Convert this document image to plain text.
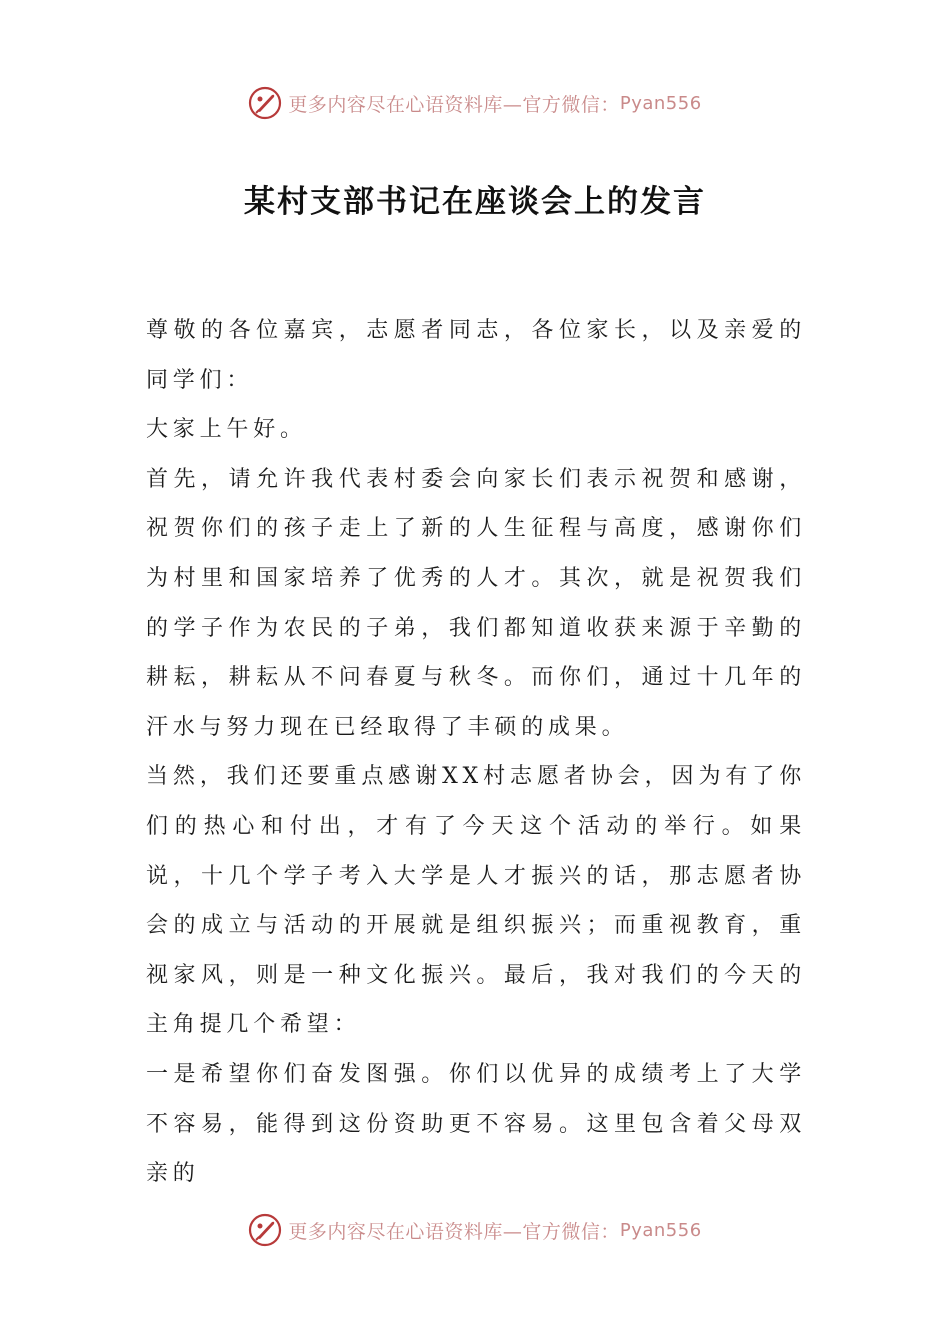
更多内容尽在心语资料库—官方微信： Pyan556
某村支部书记在座谈会上的发言

尊敬的各位嘉宾，志愿者同志，各位家长，以及亲爱的同学们：

大家上午好。

首先，请允许我代表村委会向家长们表示祝贺和感谢，祝贺你们的孩子走上了新的人生征程与高度，感谢你们为村里和国家培养了优秀的人才。其次，就是祝贺我们的学子作为农民的子弟，我们都知道收获来源于辛勤的耕耘，耕耘从不问春夏与秋冬。而你们，通过十几年的汗水与努力现在已经取得了丰硕的成果。

当然，我们还要重点感谢XX村志愿者协会，因为有了你们的热心和付出，才有了今天这个活动的举行。如果说，十几个学子考入大学是人才振兴的话，那志愿者协会的成立与活动的开展就是组织振兴；而重视教育，重视家风，则是一种文化振兴。最后，我对我们的今天的主角提几个希望：

一是希望你们奋发图强。你们以优异的成绩考上了大学不容易，能得到这份资助更不容易。这里包含着父母双亲的

更多内容尽在心语资料库—官方微信： Pyan556
